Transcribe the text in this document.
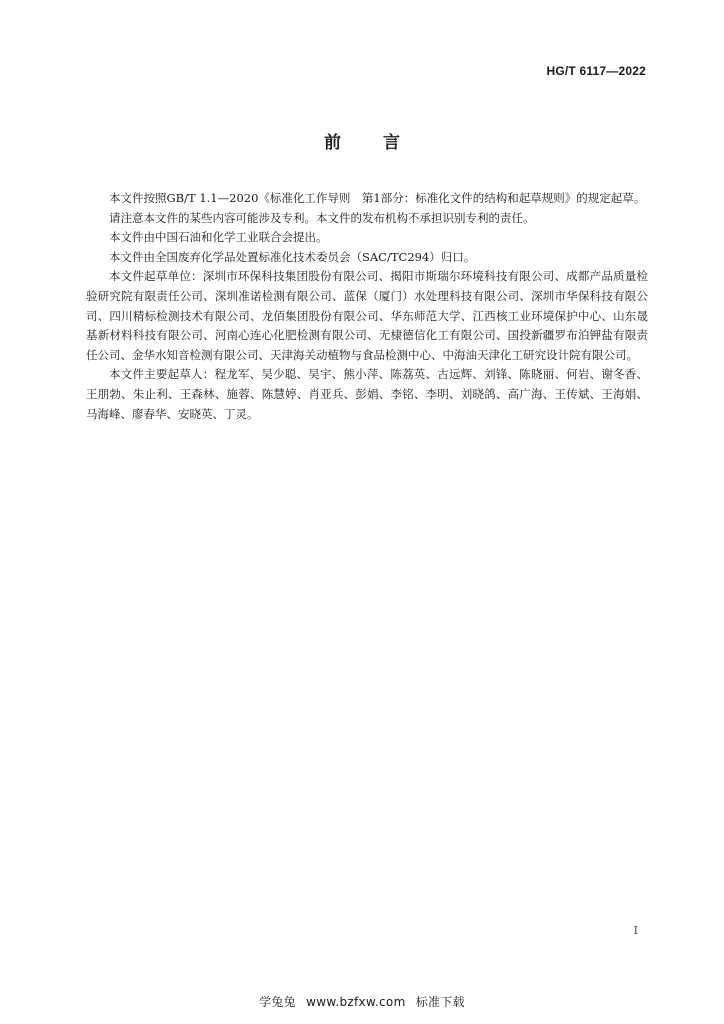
HG/T 6117—2022
前 言

本文件按照GB/T 1.1—2020《标准化工作导则　第1部分：标准化文件的结构和起草规则》的规定起草。

请注意本文件的某些内容可能涉及专利。本文件的发布机构不承担识别专利的责任。

本文件由中国石油和化学工业联合会提出。

本文件由全国废弃化学品处置标准化技术委员会（SAC/TC294）归口。

本文件起草单位：深圳市环保科技集团股份有限公司、揭阳市斯瑞尔环境科技有限公司、成都产品质量检验研究院有限责任公司、深圳准诺检测有限公司、蓝保（厦门）水处理科技有限公司、深圳市华保科技有限公司、四川精标检测技术有限公司、龙佰集团股份有限公司、华东师范大学、江西核工业环境保护中心、山东晟基新材料科技有限公司、河南心连心化肥检测有限公司、无棣德信化工有限公司、国投新疆罗布泊钾盐有限责任公司、金华水知音检测有限公司、天津海关动植物与食品检测中心、中海油天津化工研究设计院有限公司。

本文件主要起草人：程龙军、吴少聪、吴宇、熊小萍、陈荔英、古远辉、刘锋、陈晓丽、何岩、谢冬香、王朋勃、朱止利、王森林、施蓉、陈慧婷、肖亚兵、彭娟、李铭、李明、刘晓鸽、高广海、王传斌、王海娟、马海峰、廖春华、安晓英、丁灵。

I
学兔兔 www.bzfxw.com 标准下载
